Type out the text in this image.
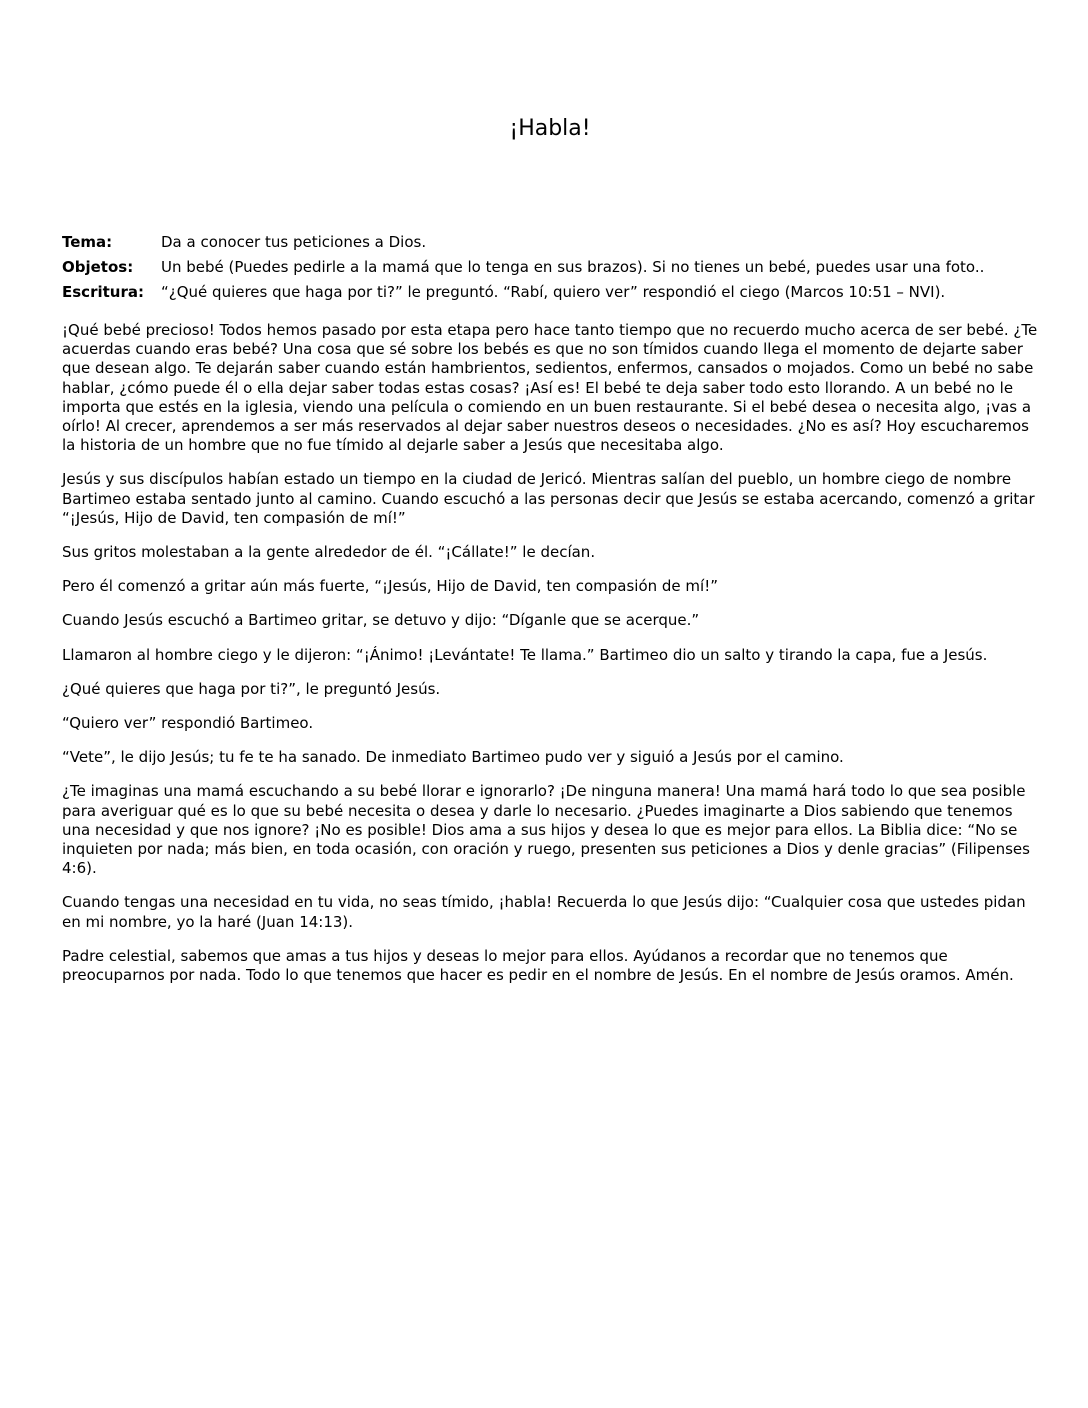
¡Habla!
Tema:	Da a conocer tus peticiones a Dios.
Objetos:	Un bebé (Puedes pedirle a la mamá que lo tenga en sus brazos). Si no tienes un bebé, puedes usar una foto..
Escritura:	“¿Qué quieres que haga por ti?” le preguntó. “Rabí, quiero ver” respondió el ciego (Marcos 10:51 – NVI).

¡Qué bebé precioso! Todos hemos pasado por esta etapa pero hace tanto tiempo que no recuerdo mucho acerca de ser bebé. ¿Te acuerdas cuando eras bebé? Una cosa que sé sobre los bebés es que no son tímidos cuando llega el momento de dejarte saber que desean algo. Te dejarán saber cuando están hambrientos, sedientos, enfermos, cansados o mojados. Como un bebé no sabe hablar, ¿cómo puede él o ella dejar saber todas estas cosas? ¡Así es! El bebé te deja saber todo esto llorando. A un bebé no le importa que estés en la iglesia, viendo una película o comiendo en un buen restaurante. Si el bebé desea o necesita algo, ¡vas a oírlo! Al crecer, aprendemos a ser más reservados al dejar saber nuestros deseos o necesidades. ¿No es así? Hoy escucharemos la historia de un hombre que no fue tímido al dejarle saber a Jesús que necesitaba algo.

Jesús y sus discípulos habían estado un tiempo en la ciudad de Jericó. Mientras salían del pueblo, un hombre ciego de nombre Bartimeo estaba sentado junto al camino. Cuando escuchó a las personas decir que Jesús se estaba acercando, comenzó a gritar “¡Jesús, Hijo de David, ten compasión de mí!”

Sus gritos molestaban a la gente alrededor de él. “¡Cállate!” le decían.

Pero él comenzó a gritar aún más fuerte, “¡Jesús, Hijo de David, ten compasión de mí!”

Cuando Jesús escuchó a Bartimeo gritar, se detuvo y dijo: “Díganle que se acerque.”

Llamaron al hombre ciego y le dijeron: “¡Ánimo! ¡Levántate! Te llama.” Bartimeo dio un salto y tirando la capa, fue a Jesús.

¿Qué quieres que haga por ti?”, le preguntó Jesús.

“Quiero ver” respondió Bartimeo.

“Vete”, le dijo Jesús; tu fe te ha sanado. De inmediato Bartimeo pudo ver y siguió a Jesús por el camino.

¿Te imaginas una mamá escuchando a su bebé llorar e ignorarlo? ¡De ninguna manera! Una mamá hará todo lo que sea posible para averiguar qué es lo que su bebé necesita o desea y darle lo necesario. ¿Puedes imaginarte a Dios sabiendo que tenemos una necesidad y que nos ignore? ¡No es posible! Dios ama a sus hijos y desea lo que es mejor para ellos. La Biblia dice: “No se inquieten por nada; más bien, en toda ocasión, con oración y ruego, presenten sus peticiones a Dios y denle gracias” (Filipenses 4:6).

Cuando tengas una necesidad en tu vida, no seas tímido, ¡habla! Recuerda lo que Jesús dijo: “Cualquier cosa que ustedes pidan en mi nombre, yo la haré (Juan 14:13).

Padre celestial, sabemos que amas a tus hijos y deseas lo mejor para ellos. Ayúdanos a recordar que no tenemos que preocuparnos por nada. Todo lo que tenemos que hacer es pedir en el nombre de Jesús. En el nombre de Jesús oramos. Amén.
